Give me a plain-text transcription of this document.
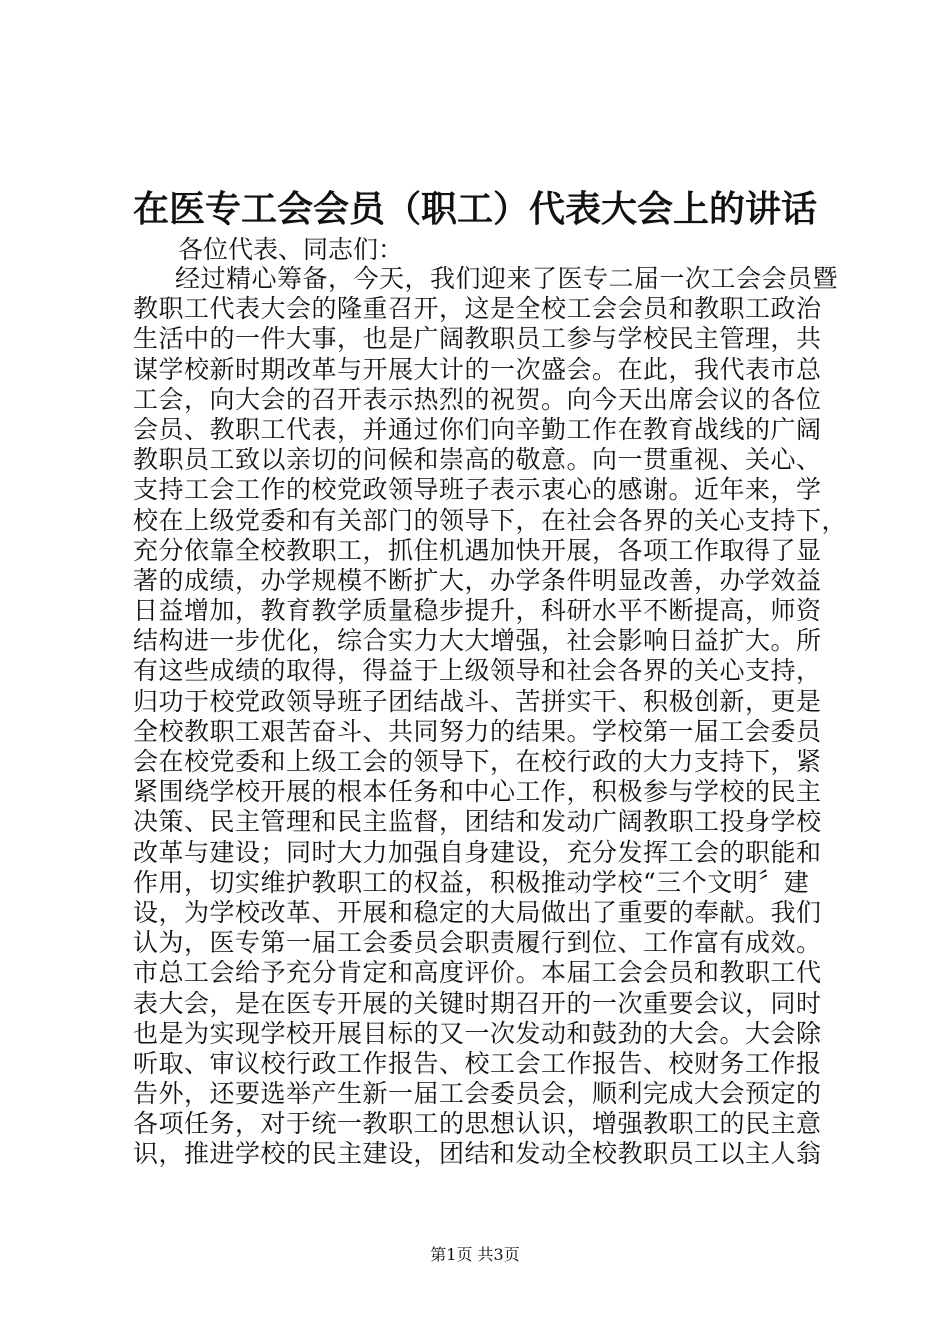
在医专工会会员（职工）代表大会上的讲话
各位代表、同志们：
经过精心筹备，今天，我们迎来了医专二届一次工会会员暨
教职工代表大会的隆重召开，这是全校工会会员和教职工政治
生活中的一件大事，也是广阔教职员工参与学校民主管理，共
谋学校新时期改革与开展大计的一次盛会。在此，我代表市总
工会，向大会的召开表示热烈的祝贺。向今天出席会议的各位
会员、教职工代表，并通过你们向辛勤工作在教育战线的广阔
教职员工致以亲切的问候和崇高的敬意。向一贯重视、关心、
支持工会工作的校党政领导班子表示衷心的感谢。近年来，学
校在上级党委和有关部门的领导下，在社会各界的关心支持下，
充分依靠全校教职工，抓住机遇加快开展，各项工作取得了显
著的成绩，办学规模不断扩大，办学条件明显改善，办学效益
日益增加，教育教学质量稳步提升，科研水平不断提高，师资
结构进一步优化，综合实力大大增强，社会影响日益扩大。所
有这些成绩的取得，得益于上级领导和社会各界的关心支持，
归功于校党政领导班子团结战斗、苦拼实干、积极创新，更是
全校教职工艰苦奋斗、共同努力的结果。学校第一届工会委员
会在校党委和上级工会的领导下，在校行政的大力支持下，紧
紧围绕学校开展的根本任务和中心工作，积极参与学校的民主
决策、民主管理和民主监督，团结和发动广阔教职工投身学校
改革与建设；同时大力加强自身建设，充分发挥工会的职能和
作用，切实维护教职工的权益，积极推动学校“三个文明〞建
设，为学校改革、开展和稳定的大局做出了重要的奉献。我们
认为，医专第一届工会委员会职责履行到位、工作富有成效。
市总工会给予充分肯定和高度评价。本届工会会员和教职工代
表大会，是在医专开展的关键时期召开的一次重要会议，同时
也是为实现学校开展目标的又一次发动和鼓劲的大会。大会除
听取、审议校行政工作报告、校工会工作报告、校财务工作报
告外，还要选举产生新一届工会委员会，顺利完成大会预定的
各项任务，对于统一教职工的思想认识，增强教职工的民主意
识，推进学校的民主建设，团结和发动全校教职员工以主人翁
第1页 共3页
